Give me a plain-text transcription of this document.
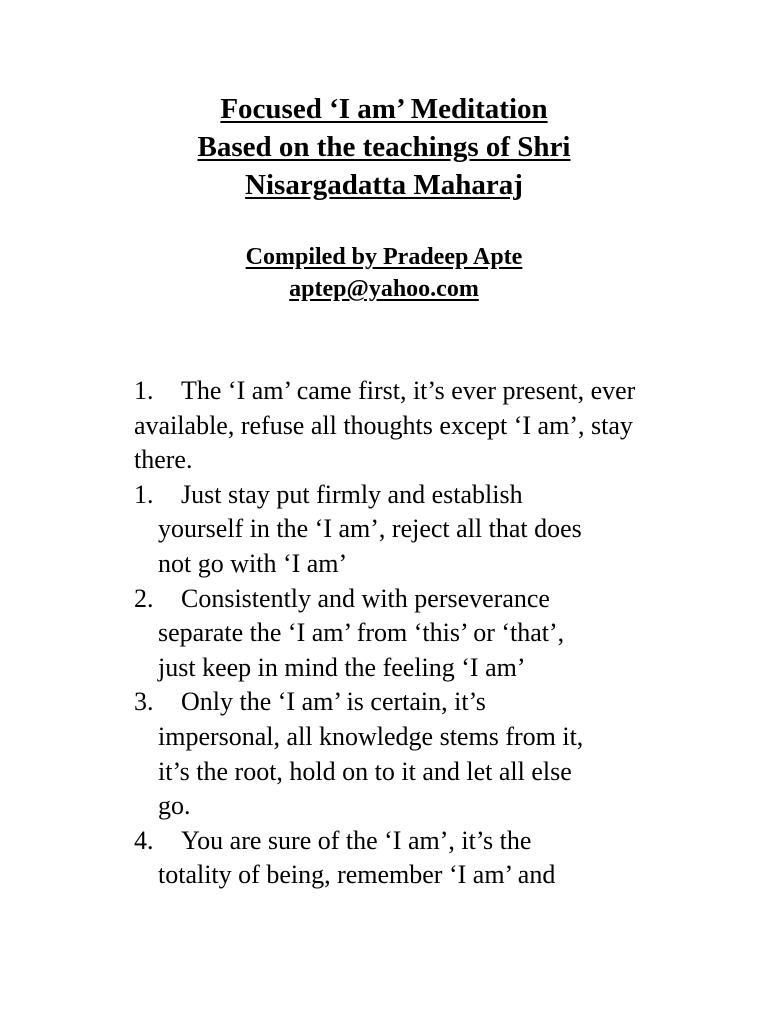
Focused ‘I am’ Meditation
Based on the teachings of Shri
Nisargadatta Maharaj
Compiled by Pradeep Apte
aptep@yahoo.com

1. The ‘I am’ came first, it’s ever present, ever available, refuse all thoughts except ‘I am’, stay there.

1.	Just stay put firmly and establish
yourself in the ‘I am’, reject all that does
not go with ‘I am’
2.	Consistently and with perseverance
separate the ‘I am’ from ‘this’ or ‘that’,
just keep in mind the feeling ‘I am’
3.	Only the ‘I am’ is certain, it’s
impersonal, all knowledge stems from it,
it’s the root, hold on to it and let all else
go.
4.	You are sure of the ‘I am’, it’s the
totality of being, remember ‘I am’ and
